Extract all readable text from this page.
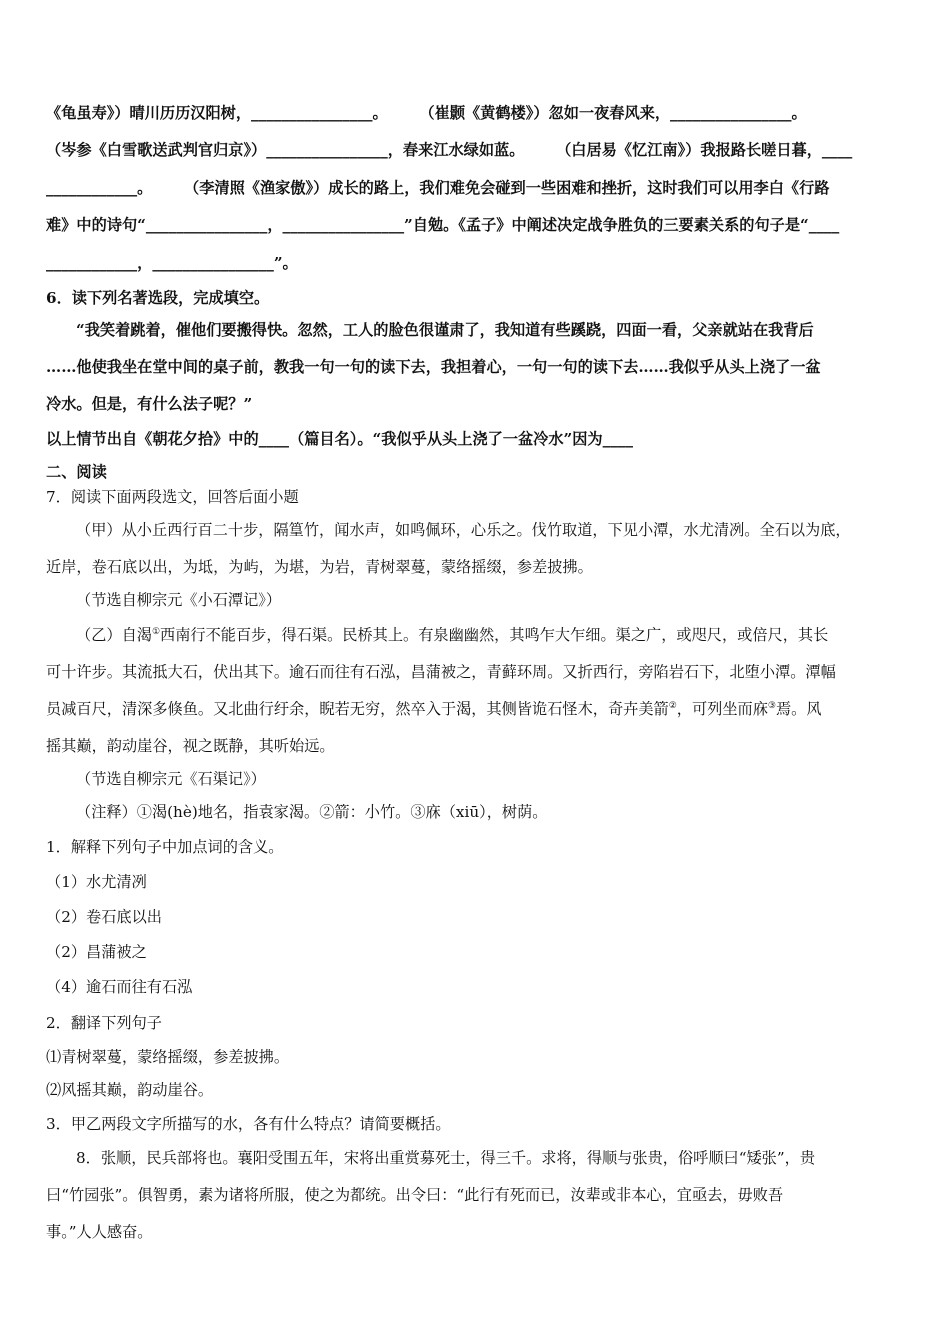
《龟虽寿》）晴川历历汉阳树，________________。      （崔颢《黄鹤楼》）忽如一夜春风来，________________。
（岑参《白雪歌送武判官归京》）________________，春来江水绿如蓝。      （白居易《忆江南》）我报路长嗟日暮，____
____________。      （李清照《渔家傲》）成长的路上，我们难免会碰到一些困难和挫折，这时我们可以用李白《行路
难》中的诗句“________________，________________”自勉。《孟子》中阐述决定战争胜负的三要素关系的句子是“____
____________，________________”。
6．读下列名著选段，完成填空。
“我笑着跳着，催他们要搬得快。忽然，工人的脸色很谨肃了，我知道有些蹊跷，四面一看，父亲就站在我背后
……他使我坐在堂中间的桌子前，教我一句一句的读下去，我担着心，一句一句的读下去……我似乎从头上浇了一盆
冷水。但是，有什么法子呢？”
以上情节出自《朝花夕拾》中的____（篇目名）。“我似乎从头上浇了一盆冷水”因为____
二、阅读
7．阅读下面两段选文，回答后面小题
（甲）从小丘西行百二十步，隔篁竹，闻水声，如鸣佩环，心乐之。伐竹取道，下见小潭，水尤清冽。全石以为底，
近岸，卷石底以出，为坻，为屿，为堪，为岩，青树翠蔓，蒙络摇缀，参差披拂。
（节选自柳宗元《小石潭记》）
（乙）自渴①西南行不能百步，得石渠。民桥其上。有泉幽幽然，其鸣乍大乍细。渠之广，或咫尺，或倍尺，其长
可十许步。其流抵大石，伏出其下。逾石而往有石泓，昌蒲被之，青藓环周。又折西行，旁陷岩石下，北堕小潭。潭幅
员减百尺，清深多倏鱼。又北曲行纡余，睨若无穷，然卒入于渴，其侧皆诡石怪木，奇卉美箭②，可列坐而庥③焉。风
摇其巅，韵动崖谷，视之既静，其听始远。
（节选自柳宗元《石渠记》）
（注释）①渴(hè)地名，指袁家渴。②箭：小竹。③庥（xiū），树荫。
1．解释下列句子中加点词的含义。
（1）水尤清冽
（2）卷石底以出
（2）昌蒲被之
（4）逾石而往有石泓
2．翻译下列句子
⑴青树翠蔓，蒙络摇缀，参差披拂。
⑵风摇其巅，韵动崖谷。
3．甲乙两段文字所描写的水，各有什么特点？请简要概括。
8．张顺，民兵部将也。襄阳受围五年，宋将出重赏募死士，得三千。求将，得顺与张贵，俗呼顺曰“矮张”，贵
曰“竹园张”。俱智勇，素为诸将所服，使之为都统。出令曰：“此行有死而已，汝辈或非本心，宜亟去，毋败吾
事。”人人感奋。
